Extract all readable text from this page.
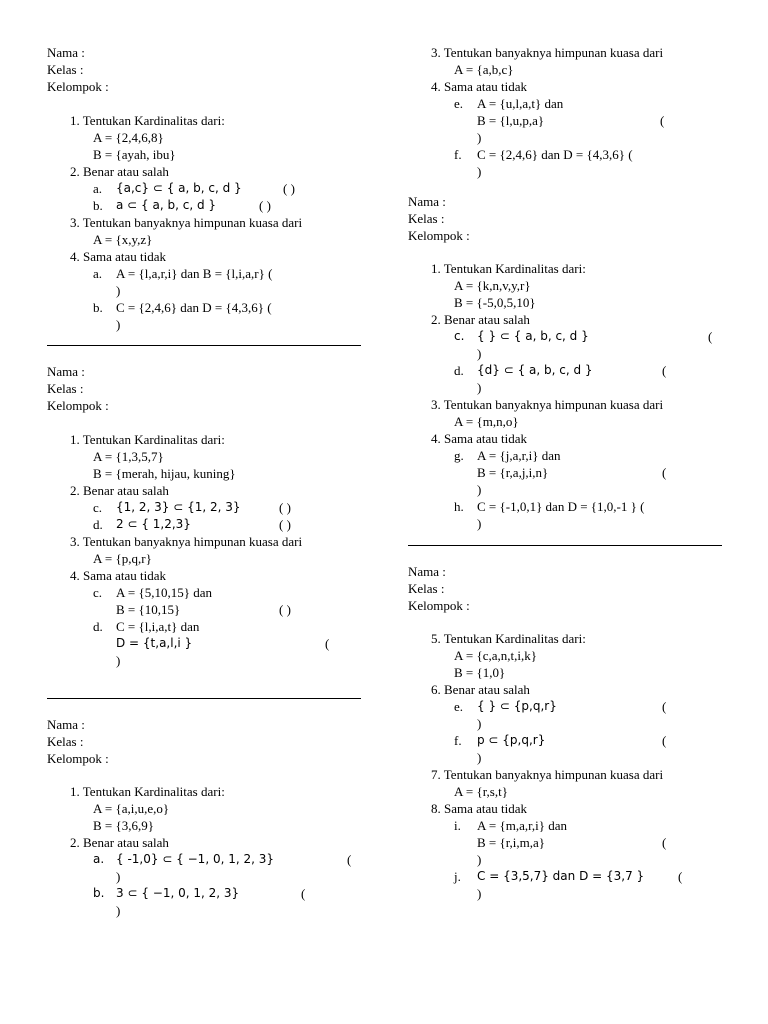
Nama :
Kelas :
Kelompok :
1. Tentukan Kardinalitas dari:
A = {2,4,6,8}
B = {ayah, ibu}
2. Benar atau salah
a. {a,c} ⊂ { a, b, c, d }	( )
b. a ⊂ { a, b, c, d }	( )
3. Tentukan banyaknya himpunan kuasa dari
A = {x,y,z}
4. Sama atau tidak
a. A = {l,a,r,i} dan B = {l,i,a,r} (
)
b. C = {2,4,6} dan D = {4,3,6} (
)
Nama :
Kelas :
Kelompok :
1. Tentukan Kardinalitas dari:
A = {1,3,5,7}
B = {merah, hijau, kuning}
2. Benar atau salah
c. {1, 2, 3} ⊂ {1, 2, 3}	( )
d. 2 ⊂ { 1,2,3}	( )
3. Tentukan banyaknya himpunan kuasa dari
A = {p,q,r}
4. Sama atau tidak
c. A = {5,10,15} dan
B = {10,15}	( )
d. C = {l,i,a,t} dan
D = {t,a,l,i }	(
)
Nama :
Kelas :
Kelompok :
1. Tentukan Kardinalitas dari:
A = {a,i,u,e,o}
B = {3,6,9}
2. Benar atau salah
a. { -1,0} ⊂ { −1, 0, 1, 2, 3}	(
)
b. 3 ⊂ { −1, 0, 1, 2, 3}	(
)
3. Tentukan banyaknya himpunan kuasa dari
A = {a,b,c}
4. Sama atau tidak
e. A = {u,l,a,t} dan
B = {l,u,p,a}	(
)
f. C = {2,4,6} dan D = {4,3,6} (
)
Nama :
Kelas :
Kelompok :
1. Tentukan Kardinalitas dari:
A = {k,n,v,y,r}
B = {-5,0,5,10}
2. Benar atau salah
c. { } ⊂ { a, b, c, d }	(
)
d. {d} ⊂ { a, b, c, d }	(
)
3. Tentukan banyaknya himpunan kuasa dari
A = {m,n,o}
4. Sama atau tidak
g. A = {j,a,r,i} dan
B = {r,a,j,i,n}	(
)
h. C = {-1,0,1} dan D = {1,0,-1 } (
)
Nama :
Kelas :
Kelompok :
5. Tentukan Kardinalitas dari:
A = {c,a,n,t,i,k}
B = {1,0}
6. Benar atau salah
e. { } ⊂ {p,q,r}	(
)
f. p ⊂ {p,q,r}	(
)
7. Tentukan banyaknya himpunan kuasa dari
A = {r,s,t}
8. Sama atau tidak
i. A = {m,a,r,i} dan
B = {r,i,m,a}	(
)
j. C = {3,5,7} dan D = {3,7 }	(
)
